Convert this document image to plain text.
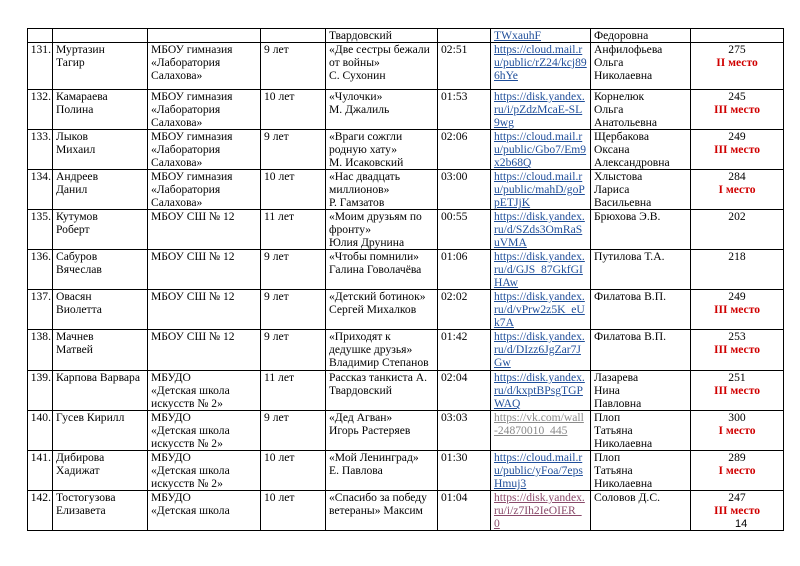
				Твардовский		TWxauhF	Федоровна	
131.	Муртазин
Тагир	МБОУ гимназия
«Лаборатория
Салахова»	9 лет	«Две сестры бежали
от войны»
С. Сухонин	02:51	https://cloud.mail.ru/public/rZ24/kcj896hYe	Анфилофьева
Ольга
Николаевна	275
II место

132.	Камараева
Полина	МБОУ гимназия
«Лаборатория
Салахова»	10 лет	«Чулочки»
М. Джалиль	01:53	https://disk.yandex.ru/i/pZdzMcaE-SL9wg	Корнелюк
Ольга
Анатольевна	245
III место

133.	Лыков
Михаил	МБОУ гимназия
«Лаборатория
Салахова»	9 лет	«Враги сожгли
родную хату»
М. Исаковский	02:06	https://cloud.mail.ru/public/Gbo7/Em9x2b68Q	Щербакова
Оксана
Александровна	249
III место

134.	Андреев
Данил	МБОУ гимназия
«Лаборатория
Салахова»	10 лет	«Нас двадцать
миллионов»
Р. Гамзатов	03:00	https://cloud.mail.ru/public/mahD/goPpETJjK	Хлыстова
Лариса
Васильевна	284
I место

135.	Кутумов
Роберт	МБОУ СШ № 12	11 лет	«Моим друзьям по
фронту»
Юлия Друнина	00:55	https://disk.yandex.ru/d/SZds3OmRaSuVMA	Брюхова Э.В.	202

136.	Сабуров
Вячеслав	МБОУ СШ № 12	9 лет	«Чтобы помнили»
Галина Говолачёва	01:06	https://disk.yandex.ru/d/GJS_87GkfGIHAw	Путилова Т.А.	218

137.	Овасян
Виолетта	МБОУ СШ № 12	9 лет	«Детский ботинок»
Сергей Михалков	02:02	https://disk.yandex.ru/d/vPrw2z5K_eUk7A	Филатова В.П.	249
III место

138.	Мачнев
Матвей	МБОУ СШ № 12	9 лет	«Приходят к
дедушке друзья»
Владимир Степанов	01:42	https://disk.yandex.ru/d/DIzz6JgZar7JGw	Филатова В.П.	253
III место

139.	Карпова Варвара	МБУДО
«Детская школа
искусств № 2»	11 лет	Рассказ танкиста А.
Твардовский	02:04	https://disk.yandex.ru/d/kxptBPsgTGPWAQ	Лазарева
Нина
Павловна	251
III место

140.	Гусев Кирилл	МБУДО
«Детская школа
искусств № 2»	9 лет	«Дед Агван»
Игорь Растеряев	03:03	https://vk.com/wall-24870010_445	Плоп
Татьяна
Николаевна	300
I место

141.	Дибирова
Хадижат	МБУДО
«Детская школа
искусств № 2»	10 лет	«Мой Ленинград»
Е. Павлова	01:30	https://cloud.mail.ru/public/yFoa/7epsHmuj3	Плоп
Татьяна
Николаевна	289
I место

142.	Тостогузова
Елизавета	МБУДО
«Детская школа	10 лет	«Спасибо за победу
ветераны» Максим	01:04	https://disk.yandex.ru/i/z7Ih2IeOIER_0	Соловов Д.С.	247
III место
14
